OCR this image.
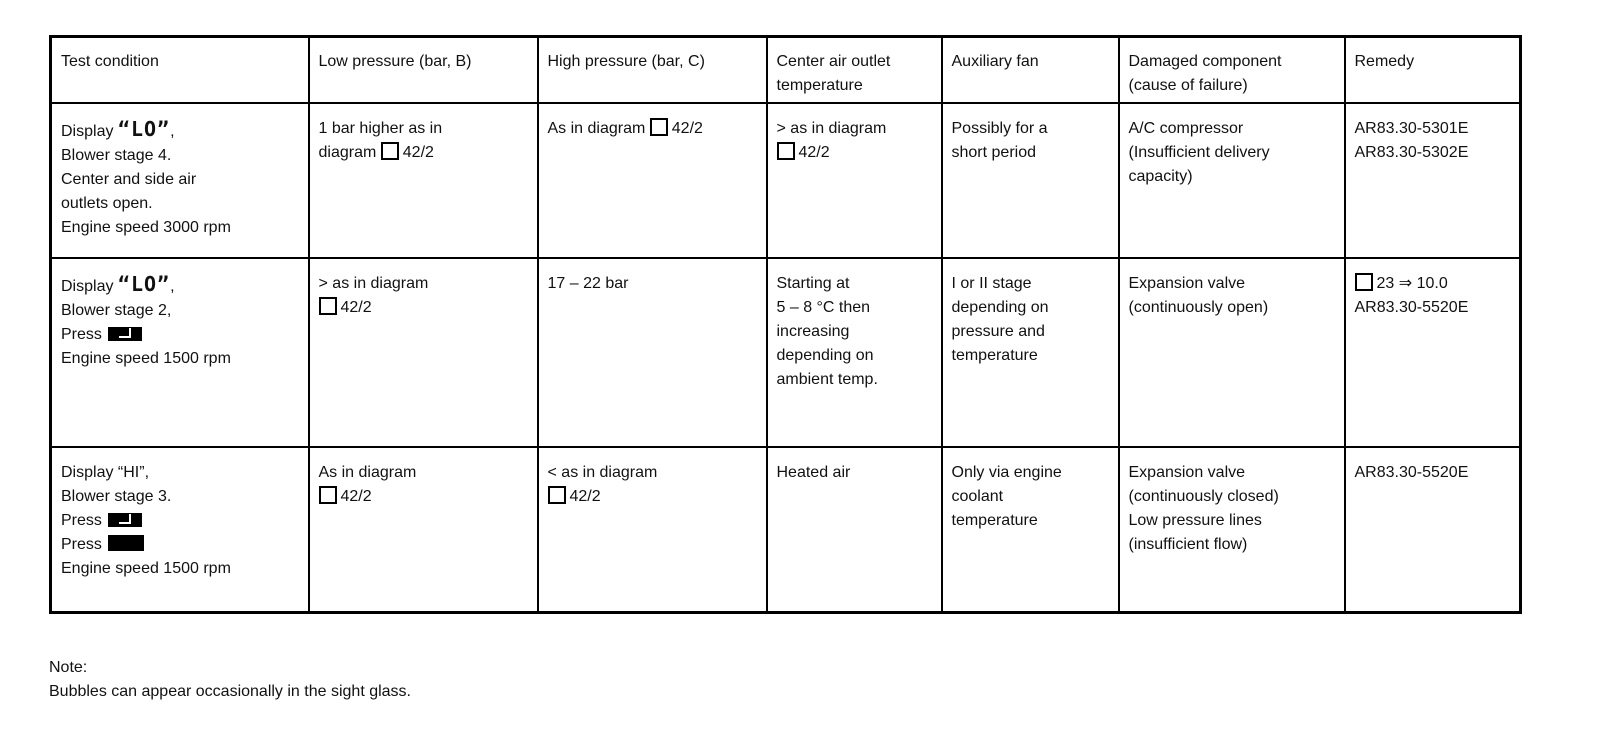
Test condition	Low pressure (bar, B)	High pressure (bar, C)	Center air outlet
temperature	Auxiliary fan	Damaged component
(cause of failure)	Remedy

Display “LO”,
Blower stage 4.
Center and side air
outlets open.
Engine speed 3000 rpm	1 bar higher as in
diagram 42/2	As in diagram 42/2	> as in diagram
42/2	Possibly for a
short period	A/C compressor
(Insufficient delivery
capacity)	AR83.30-5301E
AR83.30-5302E

Display “LO”,
Blower stage 2,
Press
Engine speed 1500 rpm	> as in diagram
42/2	17 – 22 bar	Starting at
5 – 8 °C then
increasing
depending on
ambient temp.	I or II stage
depending on
pressure and
temperature	Expansion valve
(continuously open)	23 ⇒ 10.0
AR83.30-5520E

Display “HI”,
Blower stage 3.
Press
Press
Engine speed 1500 rpm	As in diagram
42/2	< as in diagram
42/2	Heated air	Only via engine
coolant
temperature	Expansion valve
(continuously closed)
Low pressure lines
(insufficient flow)	AR83.30-5520E
Note:
Bubbles can appear occasionally in the sight glass.
